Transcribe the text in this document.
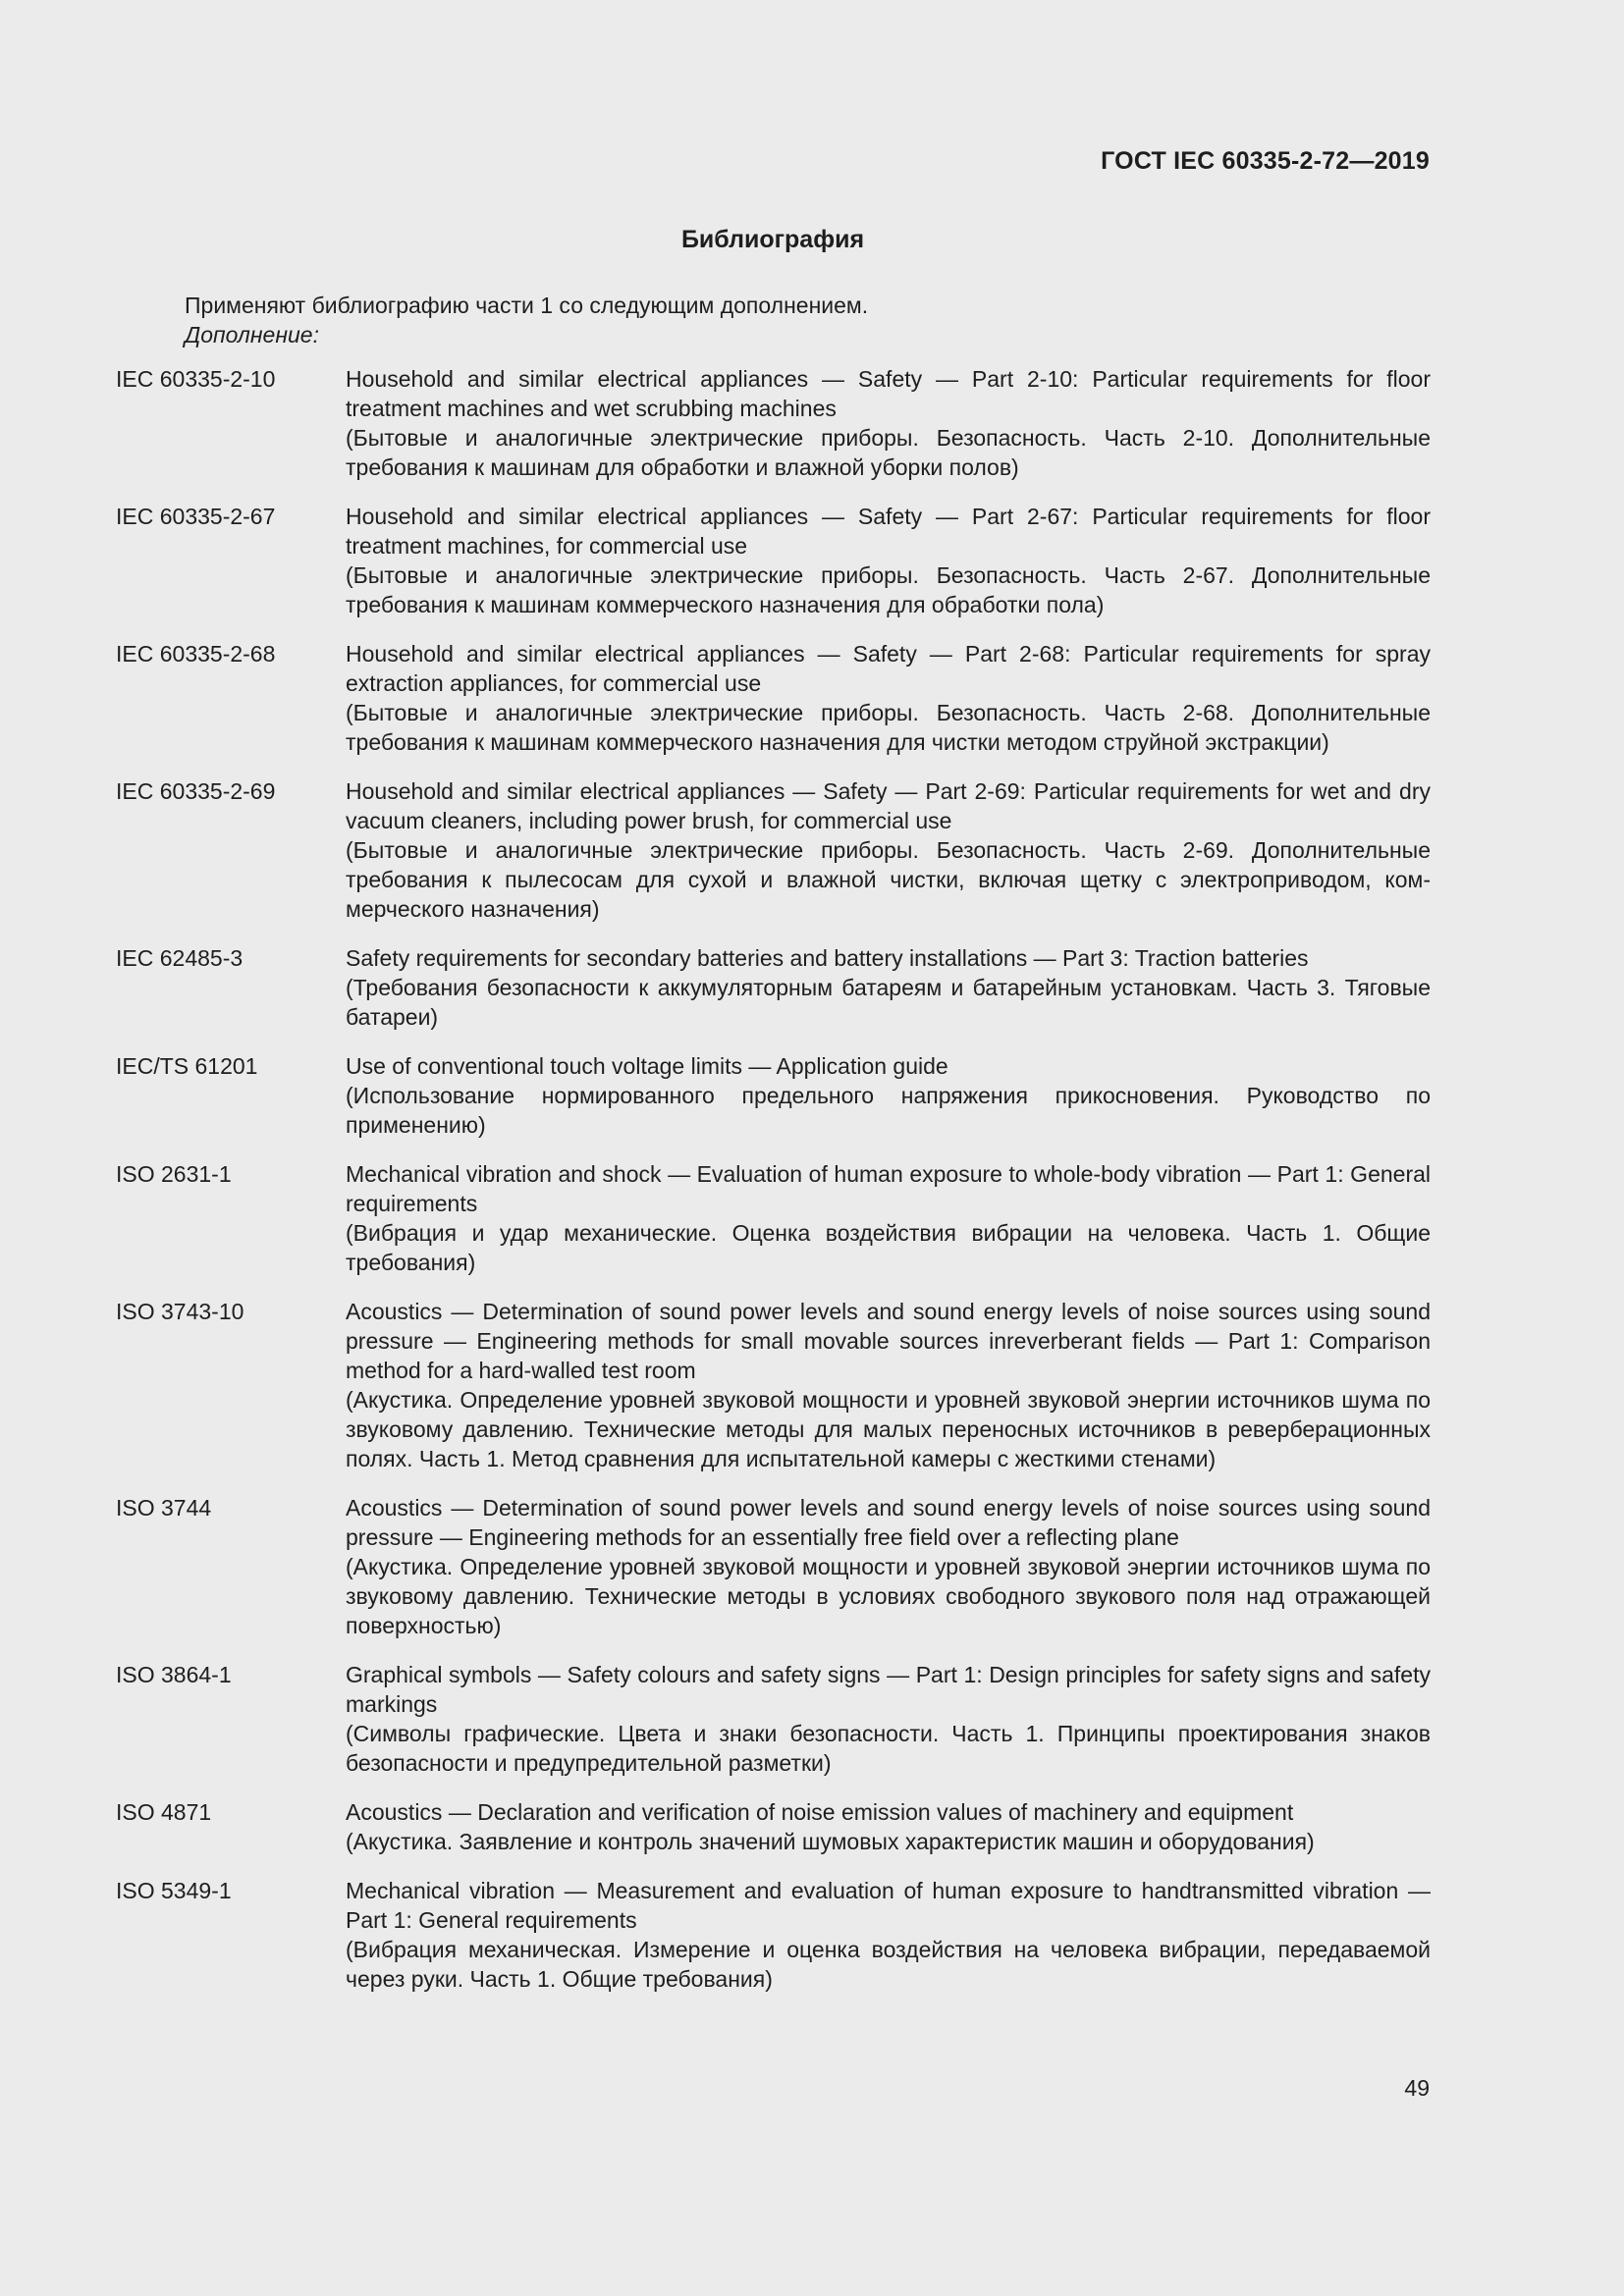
ГОСТ IEC 60335-2-72—2019
Библиография
Применяют библиографию части 1 со следующим дополнением.
Дополнение:
IEC 60335-2-10	Household and similar electrical appliances — Safety — Part 2-10: Particular requirements for floor treatment machines and wet scrubbing machines
(Бытовые и аналогичные электрические приборы. Безопасность. Часть 2-10. Дополнительные требования к машинам для обработки и влажной уборки полов)
IEC 60335-2-67	Household and similar electrical appliances — Safety — Part 2-67: Particular requirements for floor treatment machines, for commercial use
(Бытовые и аналогичные электрические приборы. Безопасность. Часть 2-67. Дополнительные требования к машинам коммерческого назначения для обработки пола)
IEC 60335-2-68	Household and similar electrical appliances — Safety — Part 2-68: Particular requirements for spray extraction appliances, for commercial use
(Бытовые и аналогичные электрические приборы. Безопасность. Часть 2-68. Дополнительные требования к машинам коммерческого назначения для чистки методом струйной экстракции)
IEC 60335-2-69	Household and similar electrical appliances — Safety — Part 2-69: Particular requirements for wet and dry vacuum cleaners, including power brush, for commercial use
(Бытовые и аналогичные электрические приборы. Безопасность. Часть 2-69. Дополнительные требования к пылесосам для сухой и влажной чистки, включая щетку с электроприводом, коммерческого назначения)
IEC 62485-3	Safety requirements for secondary batteries and battery installations — Part 3: Traction batteries
(Требования безопасности к аккумуляторным батареям и батарейным установкам. Часть 3. Тяговые батареи)
IEC/TS 61201	Use of conventional touch voltage limits — Application guide
(Использование нормированного предельного напряжения прикосновения. Руководство по применению)
ISO 2631-1	Mechanical vibration and shock — Evaluation of human exposure to whole-body vibration — Part 1: General requirements
(Вибрация и удар механические. Оценка воздействия вибрации на человека. Часть 1. Общие требования)
ISO 3743-10	Acoustics — Determination of sound power levels and sound energy levels of noise sources using sound pressure — Engineering methods for small movable sources inreverberant fields — Part 1: Comparison method for a hard-walled test room
(Акустика. Определение уровней звуковой мощности и уровней звуковой энергии источников шума по звуковому давлению. Технические методы для малых переносных источников в реверберационных полях. Часть 1. Метод сравнения для испытательной камеры с жесткими стенами)
ISO 3744	Acoustics — Determination of sound power levels and sound energy levels of noise sources using sound pressure — Engineering methods for an essentially free field over a reflecting plane
(Акустика. Определение уровней звуковой мощности и уровней звуковой энергии источников шума по звуковому давлению. Технические методы в условиях свободного звукового поля над отражающей поверхностью)
ISO 3864-1	Graphical symbols — Safety colours and safety signs — Part 1: Design principles for safety signs and safety markings
(Символы графические. Цвета и знаки безопасности. Часть 1. Принципы проектирования знаков безопасности и предупредительной разметки)
ISO 4871	Acoustics — Declaration and verification of noise emission values of machinery and equipment
(Акустика. Заявление и контроль значений шумовых характеристик машин и оборудования)
ISO 5349-1	Mechanical vibration — Measurement and evaluation of human exposure to handtransmitted vibration — Part 1: General requirements
(Вибрация механическая. Измерение и оценка воздействия на человека вибрации, передаваемой через руки. Часть 1. Общие требования)
49
